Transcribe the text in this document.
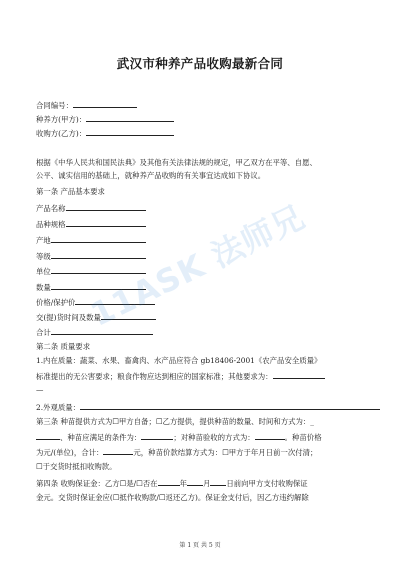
武汉市种养产品收购最新合同
合同编号：
种养方(甲方)：
收购方(乙方)：
根据《中华人民共和国民法典》及其他有关法律法规的规定，甲乙双方在平等、自愿、
公平、诚实信用的基础上，就种养产品收购的有关事宜达成如下协议。
第一条 产品基本要求
产品名称
品种规格
产地
等级
单位
数量
价格/保护价
交(提)货时间及数量
合计
第二条 质量要求
1.内在质量：蔬菜、水果、畜禽肉、水产品应符合 gb18406-2001《农产品安全质量》
标准提出的无公害要求；粮食作物应达到相应的国家标准；其他要求为：
—
2.外观质量：
第三条 种苗提供方式为☐甲方自备；☐乙方提供，提供种苗的数量、时间和方式为：_
、种苗应满足的条件为：	；对种苗验收的方式为：	。种苗价格
为元/(单位)，合计：	元，种苗价款结算方式为：☐甲方于年月日前一次付清；
☐于交货时抵扣收购款。
第四条 收购保证金：乙方☐是/☐否在	年 月 日前向甲方支付收购保证
金元。交货时保证金应(☐抵作收购款/☐返还乙方)。保证金支付后，因乙方违约解除
11ASK 法师兄
第 1 页 共 5 页
